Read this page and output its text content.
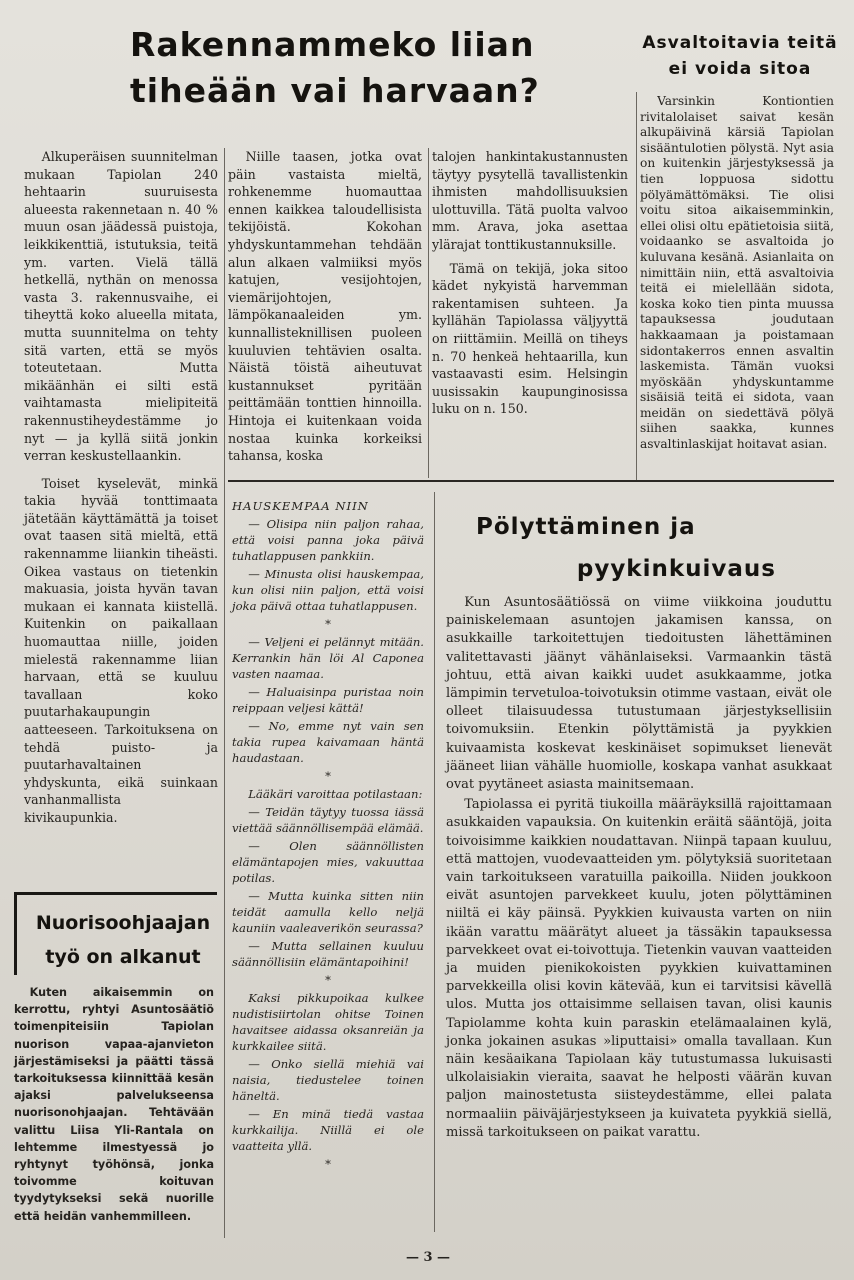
Rakennammeko liian
tiheään vai harvaan?
Asvaltoitavia teitä ei voida sitoa

Varsinkin Kontiontien rivitalolaiset saivat kesän alkupäivinä kärsiä Tapiolan sisääntulotien pölystä. Nyt asia on kuitenkin järjestyksessä ja tien loppuosa sidottu pölyämättömäksi. Tie olisi voitu sitoa aikaisemminkin, ellei olisi oltu epätietoisia siitä, voidaanko se asvaltoida jo kuluvana kesänä. Asianlaita on nimittäin niin, että asvaltoivia teitä ei mielellään sidota, koska koko tien pinta muussa tapauksessa joudutaan hakkaamaan ja poistamaan sidontakerros ennen asvaltin laskemista. Tämän vuoksi myöskään yhdyskuntamme sisäisiä teitä ei sidota, vaan meidän on siedettävä pölyä siihen saakka, kunnes asvaltinlaskijat hoitavat asian.

Alkuperäisen suunnitelman mukaan Tapiolan 240 hehtaarin suuruisesta alueesta rakennetaan n. 40 % muun osan jäädessä puistoja, leikkikenttiä, istutuksia, teitä ym. varten. Vielä tällä hetkellä, nythän on menossa vasta 3. rakennusvaihe, ei tiheyttä koko alueella mitata, mutta suunnitelma on tehty sitä varten, että se myös toteutetaan. Mutta mikäänhän ei silti estä vaihtamasta mielipiteitä rakennustiheydestämme jo nyt — ja kyllä siitä jonkin verran keskustellaankin.

Toiset kyselevät, minkä takia hyvää tonttimaata jätetään käyttämättä ja toiset ovat taasen sitä mieltä, että rakennamme liiankin tiheästi. Oikea vastaus on tietenkin makuasia, joista hyvän tavan mukaan ei kannata kiistellä. Kuitenkin on paikallaan huomauttaa niille, joiden mielestä rakennamme liian harvaan, että se kuuluu tavallaan koko puutarhakaupungin aatteeseen. Tarkoituksena on tehdä puisto- ja puutarhavaltainen yhdyskunta, eikä suinkaan vanhanmallista kivikaupunkia.

Niille taasen, jotka ovat päin vastaista mieltä, rohkenemme huomauttaa ennen kaikkea taloudellisista tekijöistä. Kokohan yhdyskuntammehan tehdään alun alkaen valmiiksi myös katujen, vesijohtojen, viemärijohtojen, lämpökanaaleiden ym. kunnallisteknillisen puoleen kuuluvien tehtävien osalta. Näistä töistä aiheutuvat kustannukset pyritään peittämään tonttien hinnoilla. Hintoja ei kuitenkaan voida nostaa kuinka korkeiksi tahansa, koska

talojen hankintakustannusten täytyy pysytellä tavallistenkin ihmisten mahdollisuuksien ulottuvilla. Tätä puolta valvoo mm. Arava, joka asettaa ylärajat tonttikustannuksille.

Tämä on tekijä, joka sitoo kädet nykyistä harvemman rakentamisen suhteen. Ja kyllähän Tapiolassa väljyyttä on riittämiin. Meillä on tiheys n. 70 henkeä hehtaarilla, kun vastaavasti esim. Helsingin uusissakin kaupunginosissa luku on n. 150.

Nuorisoohjaajan
työ on alkanut

Kuten aikaisemmin on kerrottu, ryhtyi Asuntosäätiö toimenpiteisiin Tapiolan nuorison vapaa-ajanvieton järjestämiseksi ja päätti tässä tarkoituksessa kiinnittää kesän ajaksi palvelukseensa nuorisonohjaajan. Tehtävään valittu Liisa Yli-Rantala on lehtemme ilmestyessä jo ryhtynyt työhönsä, jonka toivomme koituvan tyydytykseksi sekä nuorille että heidän vanhemmilleen.

HAUSKEMPAA NIIN

— Olisipa niin paljon rahaa, että voisi panna joka päivä tuhatlappusen pankkiin.

— Minusta olisi hauskempaa, kun olisi niin paljon, että voisi joka päivä ottaa tuhatlappusen.

*

— Veljeni ei pelännyt mitään. Kerrankin hän löi Al Caponea vasten naamaa.

— Haluaisinpa puristaa noin reippaan veljesi kättä!

— No, emme nyt vain sen takia rupea kaivamaan häntä haudastaan.

*

Lääkäri varoittaa potilastaan:

— Teidän täytyy tuossa iässä viettää säännöllisempää elämää.

— Olen säännöllisten elämäntapojen mies, vakuuttaa potilas.

— Mutta kuinka sitten niin teidät aamulla kello neljä kauniin vaaleaverikön seurassa?

— Mutta sellainen kuuluu säännöllisiin elämäntapoihini!

*

Kaksi pikkupoikaa kulkee nudistisiirtolan ohitse Toinen havaitsee aidassa oksanreiän ja kurkkailee siitä.

— Onko siellä miehiä vai naisia, tiedustelee toinen häneltä.

— En minä tiedä vastaa kurkkailija. Niillä ei ole vaatteita yllä.

*

Pölyttäminen ja
pyykinkuivaus

Kun Asuntosäätiössä on viime viikkoina jouduttu painiskelemaan asuntojen jakamisen kanssa, on asukkaille tarkoitettujen tiedoitusten lähettäminen valitettavasti jäänyt vähänlaiseksi. Varmaankin tästä johtuu, että aivan kaikki uudet asukkaamme, jotka lämpimin tervetuloa-toivotuksin otimme vastaan, eivät ole olleet tilaisuudessa tutustumaan järjestyksellisiin toivomuksiin. Etenkin pölyttämistä ja pyykkien kuivaamista koskevat keskinäiset sopimukset lienevät jääneet liian vähälle huomiolle, koskapa vanhat asukkaat ovat pyytäneet asiasta mainitsemaan.

Tapiolassa ei pyritä tiukoilla määräyksillä rajoittamaan asukkaiden vapauksia. On kuitenkin eräitä sääntöjä, joita toivoisimme kaikkien noudattavan. Niinpä tapaan kuuluu, että mattojen, vuodevaatteiden ym. pölytyksiä suoritetaan vain tarkoitukseen varatuilla paikoilla. Niiden joukkoon eivät asuntojen parvekkeet kuulu, joten pölyttäminen niiltä ei käy päinsä. Pyykkien kuivausta varten on niin ikään varattu määrätyt alueet ja tässäkin tapauksessa parvekkeet ovat ei-toivottuja. Tietenkin vauvan vaatteiden ja muiden pienikokoisten pyykkien kuivattaminen parvekkeilla olisi kovin kätevää, kun ei tarvitsisi kävellä ulos. Mutta jos ottaisimme sellaisen tavan, olisi kaunis Tapiolamme kohta kuin paraskin etelämaalainen kylä, jonka jokainen asukas »liputtaisi» omalla tavallaan. Kun näin kesäaikana Tapiolaan käy tutustumassa lukuisasti ulkolaisiakin vieraita, saavat he helposti väärän kuvan paljon mainostetusta siisteydestämme, ellei palata normaaliin päiväjärjestykseen ja kuivateta pyykkiä siellä, missä tarkoitukseen on paikat varattu.

— 3 —
